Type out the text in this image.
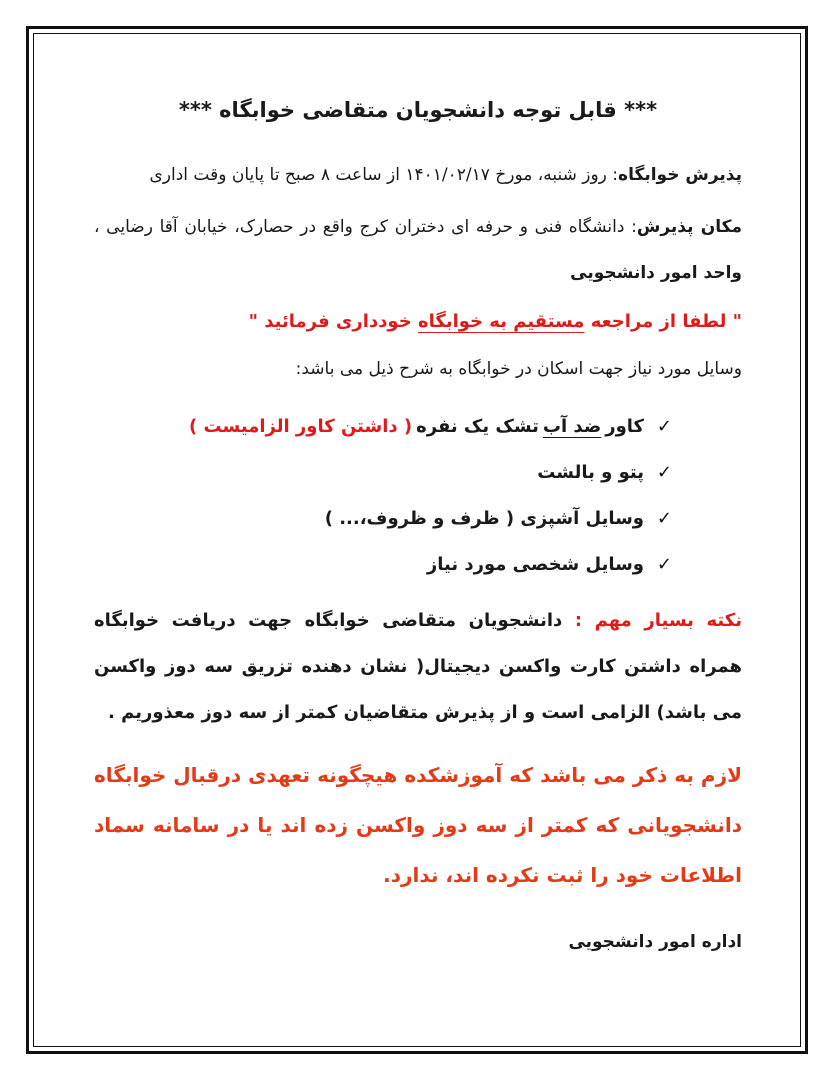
*** قابل توجه دانشجویان متقاضی خوابگاه ***

پذیرش خوابگاه: روز شنبه، مورخ ۱۴۰۱/۰۲/۱۷ از ساعت ۸ صبح تا پایان وقت اداری

مکان پذیرش: دانشگاه فنی و حرفه ای دختران کرج واقع در حصارک، خیابان آقا رضایی ، واحد امور دانشجویی

" لطفا از مراجعه مستقیم به خوابگاه خودداری فرمائید "

وسایل مورد نیاز جهت اسکان در خوابگاه به شرح ذیل می باشد:

✓
کاور
ضد آب
تشک یک نفره
( داشتن کاور الزامیست )
✓
پتو و بالشت
✓
وسایل آشپزی ( ظرف و ظروف،... )
✓
وسایل شخصی مورد نیاز
نکته بسیار مهم : دانشجویان متقاضی خوابگاه جهت دریافت خوابگاه همراه داشتن کارت واکسن دیجیتال( نشان دهنده تزریق سه دوز واکسن می باشد) الزامی است و از پذیرش متقاضیان کمتر از سه دوز معذوریم .
لازم به ذکر می باشد که آموزشکده هیچگونه تعهدی درقبال خوابگاه دانشجویانی که کمتر از سه دوز واکسن زده اند یا در سامانه سماد اطلاعات خود را ثبت نکرده اند، ندارد.
اداره امور دانشجویی
